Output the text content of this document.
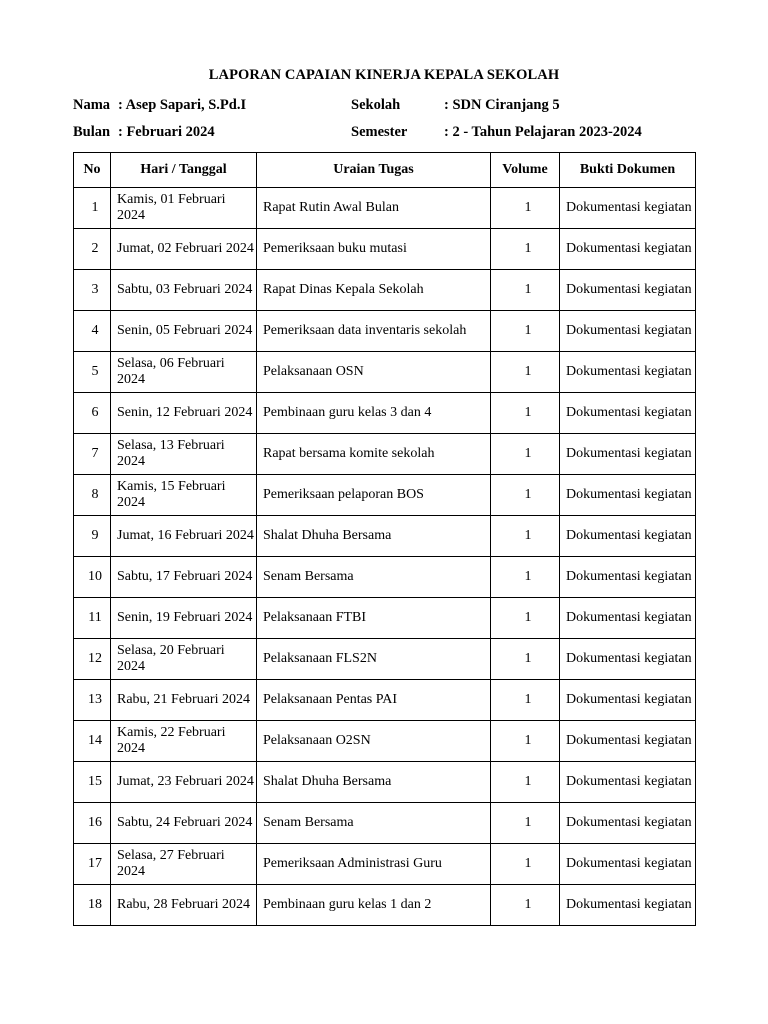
LAPORAN CAPAIAN KINERJA KEPALA SEKOLAH
Nama : Asep Sapari, S.Pd.I	Sekolah	: SDN Ciranjang 5
Bulan : Februari 2024	Semester	: 2 - Tahun Pelajaran 2023-2024
No	Hari / Tanggal	Uraian Tugas	Volume	Bukti Dokumen
1	Kamis, 01 Februari 2024	Rapat Rutin Awal Bulan	1	Dokumentasi kegiatan
2	Jumat, 02 Februari 2024	Pemeriksaan buku mutasi	1	Dokumentasi kegiatan
3	Sabtu, 03 Februari 2024	Rapat Dinas Kepala Sekolah	1	Dokumentasi kegiatan
4	Senin, 05 Februari 2024	Pemeriksaan data inventaris sekolah	1	Dokumentasi kegiatan
5	Selasa, 06 Februari 2024	Pelaksanaan OSN	1	Dokumentasi kegiatan
6	Senin, 12 Februari 2024	Pembinaan guru kelas 3 dan 4	1	Dokumentasi kegiatan
7	Selasa, 13 Februari 2024	Rapat bersama komite sekolah	1	Dokumentasi kegiatan
8	Kamis, 15 Februari 2024	Pemeriksaan pelaporan BOS	1	Dokumentasi kegiatan
9	Jumat, 16 Februari 2024	Shalat Dhuha Bersama	1	Dokumentasi kegiatan
10	Sabtu, 17 Februari 2024	Senam Bersama	1	Dokumentasi kegiatan
11	Senin, 19 Februari 2024	Pelaksanaan FTBI	1	Dokumentasi kegiatan
12	Selasa, 20 Februari 2024	Pelaksanaan FLS2N	1	Dokumentasi kegiatan
13	Rabu, 21 Februari 2024	Pelaksanaan Pentas PAI	1	Dokumentasi kegiatan
14	Kamis, 22 Februari 2024	Pelaksanaan O2SN	1	Dokumentasi kegiatan
15	Jumat, 23 Februari 2024	Shalat Dhuha Bersama	1	Dokumentasi kegiatan
16	Sabtu, 24 Februari 2024	Senam Bersama	1	Dokumentasi kegiatan
17	Selasa, 27 Februari 2024	Pemeriksaan Administrasi Guru	1	Dokumentasi kegiatan
18	Rabu, 28 Februari 2024	Pembinaan guru kelas 1 dan 2	1	Dokumentasi kegiatan
